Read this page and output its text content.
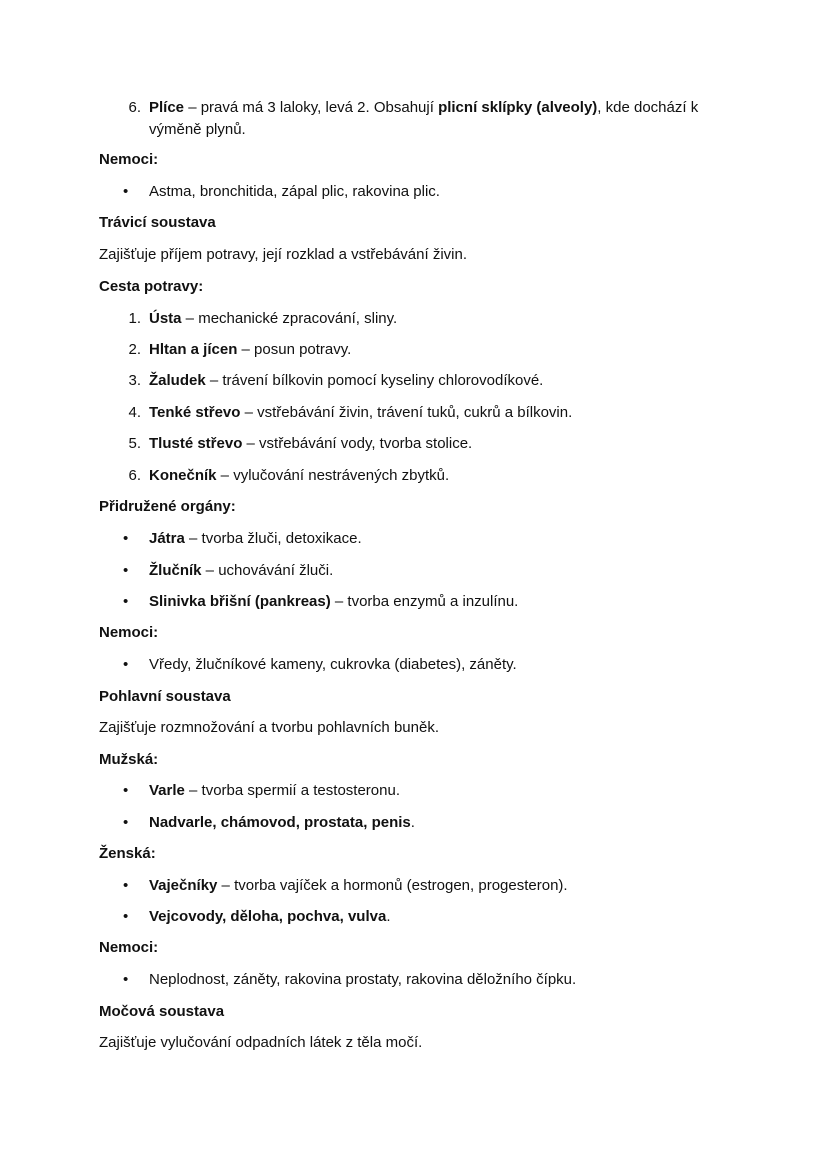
6. Plíce – pravá má 3 laloky, levá 2. Obsahují plicní sklípky (alveoly), kde dochází k
výměně plynů.
Nemoci:
•	Astma, bronchitida, zápal plic, rakovina plic.
Trávicí soustava
Zajišťuje příjem potravy, její rozklad a vstřebávání živin.
Cesta potravy:
1. Ústa – mechanické zpracování, sliny.
2. Hltan a jícen – posun potravy.
3. Žaludek – trávení bílkovin pomocí kyseliny chlorovodíkové.
4. Tenké střevo – vstřebávání živin, trávení tuků, cukrů a bílkovin.
5. Tlusté střevo – vstřebávání vody, tvorba stolice.
6. Konečník – vylučování nestrávených zbytků.
Přidružené orgány:
•	Játra – tvorba žluči, detoxikace.
•	Žlučník – uchovávání žluči.
•	Slinivka břišní (pankreas) – tvorba enzymů a inzulínu.
Nemoci:
•	Vředy, žlučníkové kameny, cukrovka (diabetes), záněty.
Pohlavní soustava
Zajišťuje rozmnožování a tvorbu pohlavních buněk.
Mužská:
•	Varle – tvorba spermií a testosteronu.
•	Nadvarle, chámovod, prostata, penis.
Ženská:
•	Vaječníky – tvorba vajíček a hormonů (estrogen, progesteron).
•	Vejcovody, děloha, pochva, vulva.
Nemoci:
•	Neplodnost, záněty, rakovina prostaty, rakovina děložního čípku.
Močová soustava
Zajišťuje vylučování odpadních látek z těla močí.
